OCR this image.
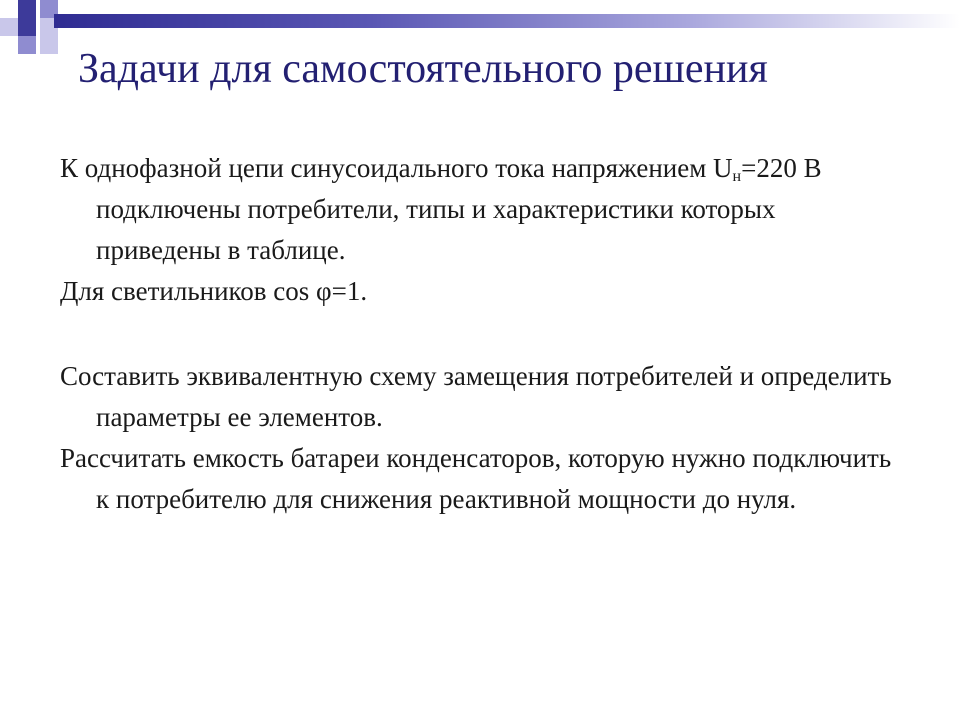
Задачи для самостоятельного решения

К однофазной цепи синусоидального тока напряжением $U_н=220$ В подключены потребители, типы и характеристики которых приведены в таблице.

Для светильников cos φ=1.

Составить эквивалентную схему замещения потребителей и определить параметры ее элементов.

Рассчитать емкость батареи конденсаторов, которую нужно подключить к потребителю для снижения реактивной мощности до нуля.
